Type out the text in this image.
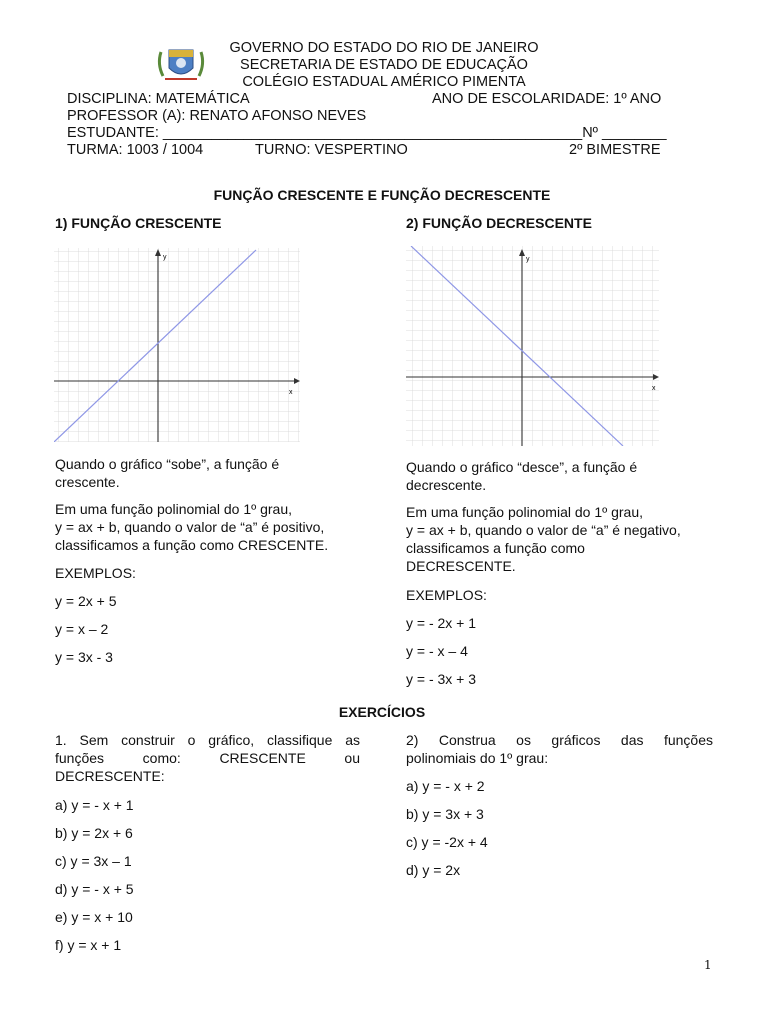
GOVERNO DO ESTADO DO RIO DE JANEIRO
SECRETARIA DE ESTADO DE EDUCAÇÃO
COLÉGIO ESTADUAL AMÉRICO PIMENTA
DISCIPLINA: MATEMÁTICA	ANO DE ESCOLARIDADE: 1º ANO
PROFESSOR (A): RENATO AFONSO NEVES
ESTUDANTE: ____________________________________________________Nº ________
TURMA: 1003 / 1004	TURNO: VESPERTINO	2º BIMESTRE
FUNÇÃO CRESCENTE E FUNÇÃO DECRESCENTE
1) FUNÇÃO CRESCENTE	2) FUNÇÃO DECRESCENTE
x
y
x
y
Quando o gráfico “sobe”, a função é crescente.
Em uma função polinomial do 1º grau,
y = ax + b, quando o valor de “a” é positivo,
classificamos a função como CRESCENTE.
EXEMPLOS:
y = 2x + 5
y = x – 2
y = 3x - 3
Quando o gráfico “desce”, a função é decrescente.
Em uma função polinomial do 1º grau,
y = ax + b, quando o valor de “a” é negativo,
classificamos a função como DECRESCENTE.
EXEMPLOS:
y = - 2x + 1
y = - x – 4
y = - 3x + 3
EXERCÍCIOS
1. Sem construir o gráfico, classifique as
funções como: CRESCENTE ou
DECRESCENTE:
a) y = - x + 1
b) y = 2x + 6
c) y = 3x – 1
d) y = - x + 5
e) y = x + 10
f) y = x + 1
2) Construa os gráficos das funções
polinomiais do 1º grau:
a) y = - x + 2
b) y = 3x + 3
c) y = -2x + 4
d) y = 2x
1
